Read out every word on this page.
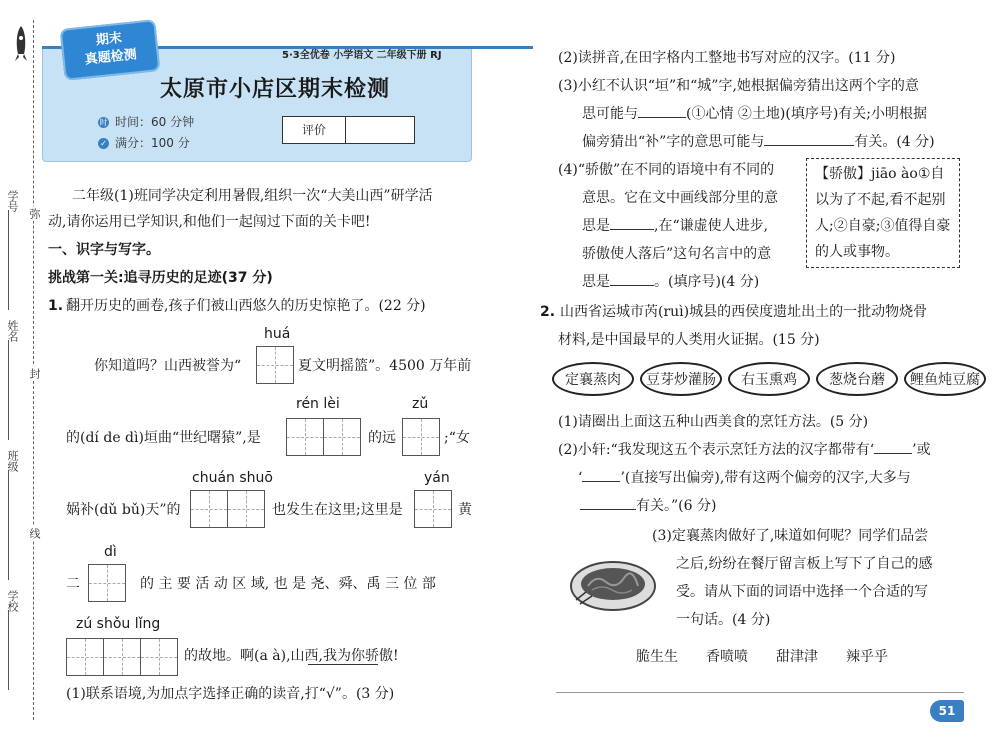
学号
姓名
班级
学校
弥
封
线
期末
真题检测	5·3全优卷 小学语文 二年级下册 RJ
太原市小店区期末检测
时 时间：60 分钟
✓ 满分：100 分
评价
二年级(1)班同学决定利用暑假,组织一次“大美山西”研学活
动,请你运用已学知识,和他们一起闯过下面的关卡吧!
一、识字与写字。
挑战第一关:追寻历史的足迹(37 分)
1. 翻开历史的画卷,孩子们被山西悠久的历史惊艳了。(22 分)
huá
你知道吗？山西被誉为“	夏文明摇篮”。4500 万年前
rén lèi	zǔ
的(dí de dì)垣曲“世纪曙猿”,是	的远	;“女
chuán shuō	yán
娲补(dǔ bǔ)天”的	也发生在这里;这里是	黄
dì
二	的 主 要 活 动 区 域, 也 是 尧、舜、禹 三 位 部
zú shǒu lǐng
的故地。啊(a à),山西,我为你骄傲!
(1)联系语境,为加点字选择正确的读音,打“√”。(3 分)
(2)读拼音,在田字格内工整地书写对应的汉字。(11 分)
(3)小红不认识“垣”和“城”字,她根据偏旁猜出这两个字的意
思可能与	(①心情 ②土地)(填序号)有关;小明根据
偏旁猜出“补”字的意思可能与	有关。(4 分)
(4)“骄傲”在不同的语境中有不同的
意思。它在文中画线部分里的意
思是	,在“谦虚使人进步,
骄傲使人落后”这句名言中的意
思是	。(填序号)(4 分)
【骄傲】jiāo ào①自以为了不起,看不起别人;②自豪;③值得自豪的人或事物。
2. 山西省运城市芮(ruì)城县的西侯度遗址出土的一批动物烧骨
材料,是中国最早的人类用火证据。(15 分)
定襄蒸肉	豆芽炒灌肠	右玉熏鸡	葱烧台蘑	鲤鱼炖豆腐
(1)请圈出上面这五种山西美食的烹饪方法。(5 分)
(2)小轩:“我发现这五个表示烹饪方法的汉字都带有‘	’或
‘	’(直接写出偏旁),带有这两个偏旁的汉字,大多与
有关。”(6 分)
(3)定襄蒸肉做好了,味道如何呢？同学们品尝
之后,纷纷在餐厅留言板上写下了自己的感
受。请从下面的词语中选择一个合适的写
一句话。(4 分)
脆生生 香喷喷 甜津津 辣乎乎
51
